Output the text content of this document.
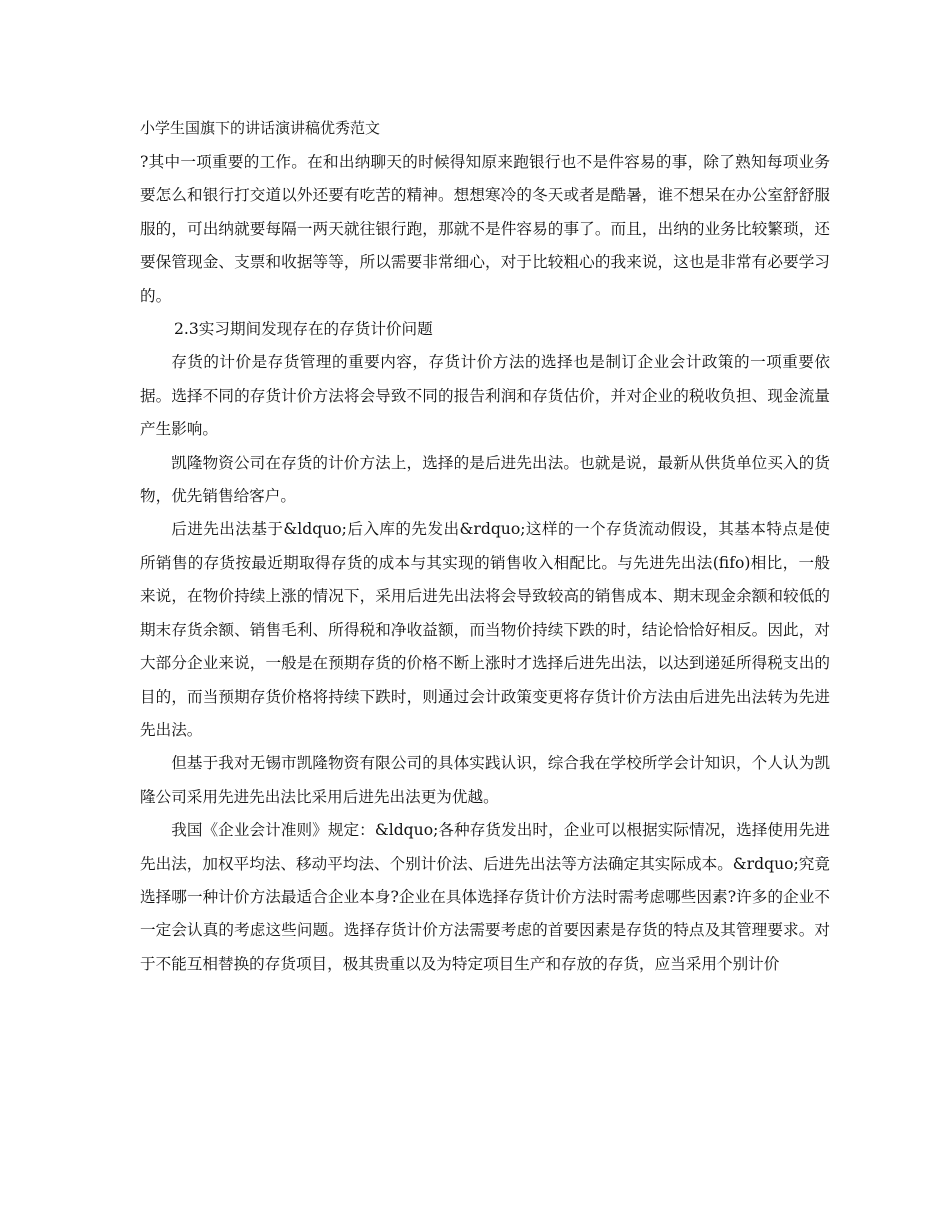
小学生国旗下的讲话演讲稿优秀范文

?其中一项重要的工作。在和出纳聊天的时候得知原来跑银行也不是件容易的事，除了熟知每项业务要怎么和银行打交道以外还要有吃苦的精神。想想寒冷的冬天或者是酷暑，谁不想呆在办公室舒舒服服的，可出纳就要每隔一两天就往银行跑，那就不是件容易的事了。而且，出纳的业务比较繁琐，还要保管现金、支票和收据等等，所以需要非常细心，对于比较粗心的我来说，这也是非常有必要学习的。

2.3实习期间发现存在的存货计价问题

存货的计价是存货管理的重要内容，存货计价方法的选择也是制订企业会计政策的一项重要依据。选择不同的存货计价方法将会导致不同的报告利润和存货估价，并对企业的税收负担、现金流量产生影响。

凯隆物资公司在存货的计价方法上，选择的是后进先出法。也就是说，最新从供货单位买入的货物，优先销售给客户。

后进先出法基于&ldquo;后入库的先发出&rdquo;这样的一个存货流动假设，其基本特点是使所销售的存货按最近期取得存货的成本与其实现的销售收入相配比。与先进先出法(fifo)相比，一般来说，在物价持续上涨的情况下，采用后进先出法将会导致较高的销售成本、期末现金余额和较低的期末存货余额、销售毛利、所得税和净收益额，而当物价持续下跌的时，结论恰恰好相反。因此，对大部分企业来说，一般是在预期存货的价格不断上涨时才选择后进先出法，以达到递延所得税支出的目的，而当预期存货价格将持续下跌时，则通过会计政策变更将存货计价方法由后进先出法转为先进先出法。

但基于我对无锡市凯隆物资有限公司的具体实践认识，综合我在学校所学会计知识，个人认为凯隆公司采用先进先出法比采用后进先出法更为优越。

我国《企业会计准则》规定：&ldquo;各种存货发出时，企业可以根据实际情况，选择使用先进先出法，加权平均法、移动平均法、个别计价法、后进先出法等方法确定其实际成本。&rdquo;究竟选择哪一种计价方法最适合企业本身?企业在具体选择存货计价方法时需考虑哪些因素?许多的企业不一定会认真的考虑这些问题。选择存货计价方法需要考虑的首要因素是存货的特点及其管理要求。对于不能互相替换的存货项目，极其贵重以及为特定项目生产和存放的存货，应当采用个别计价
